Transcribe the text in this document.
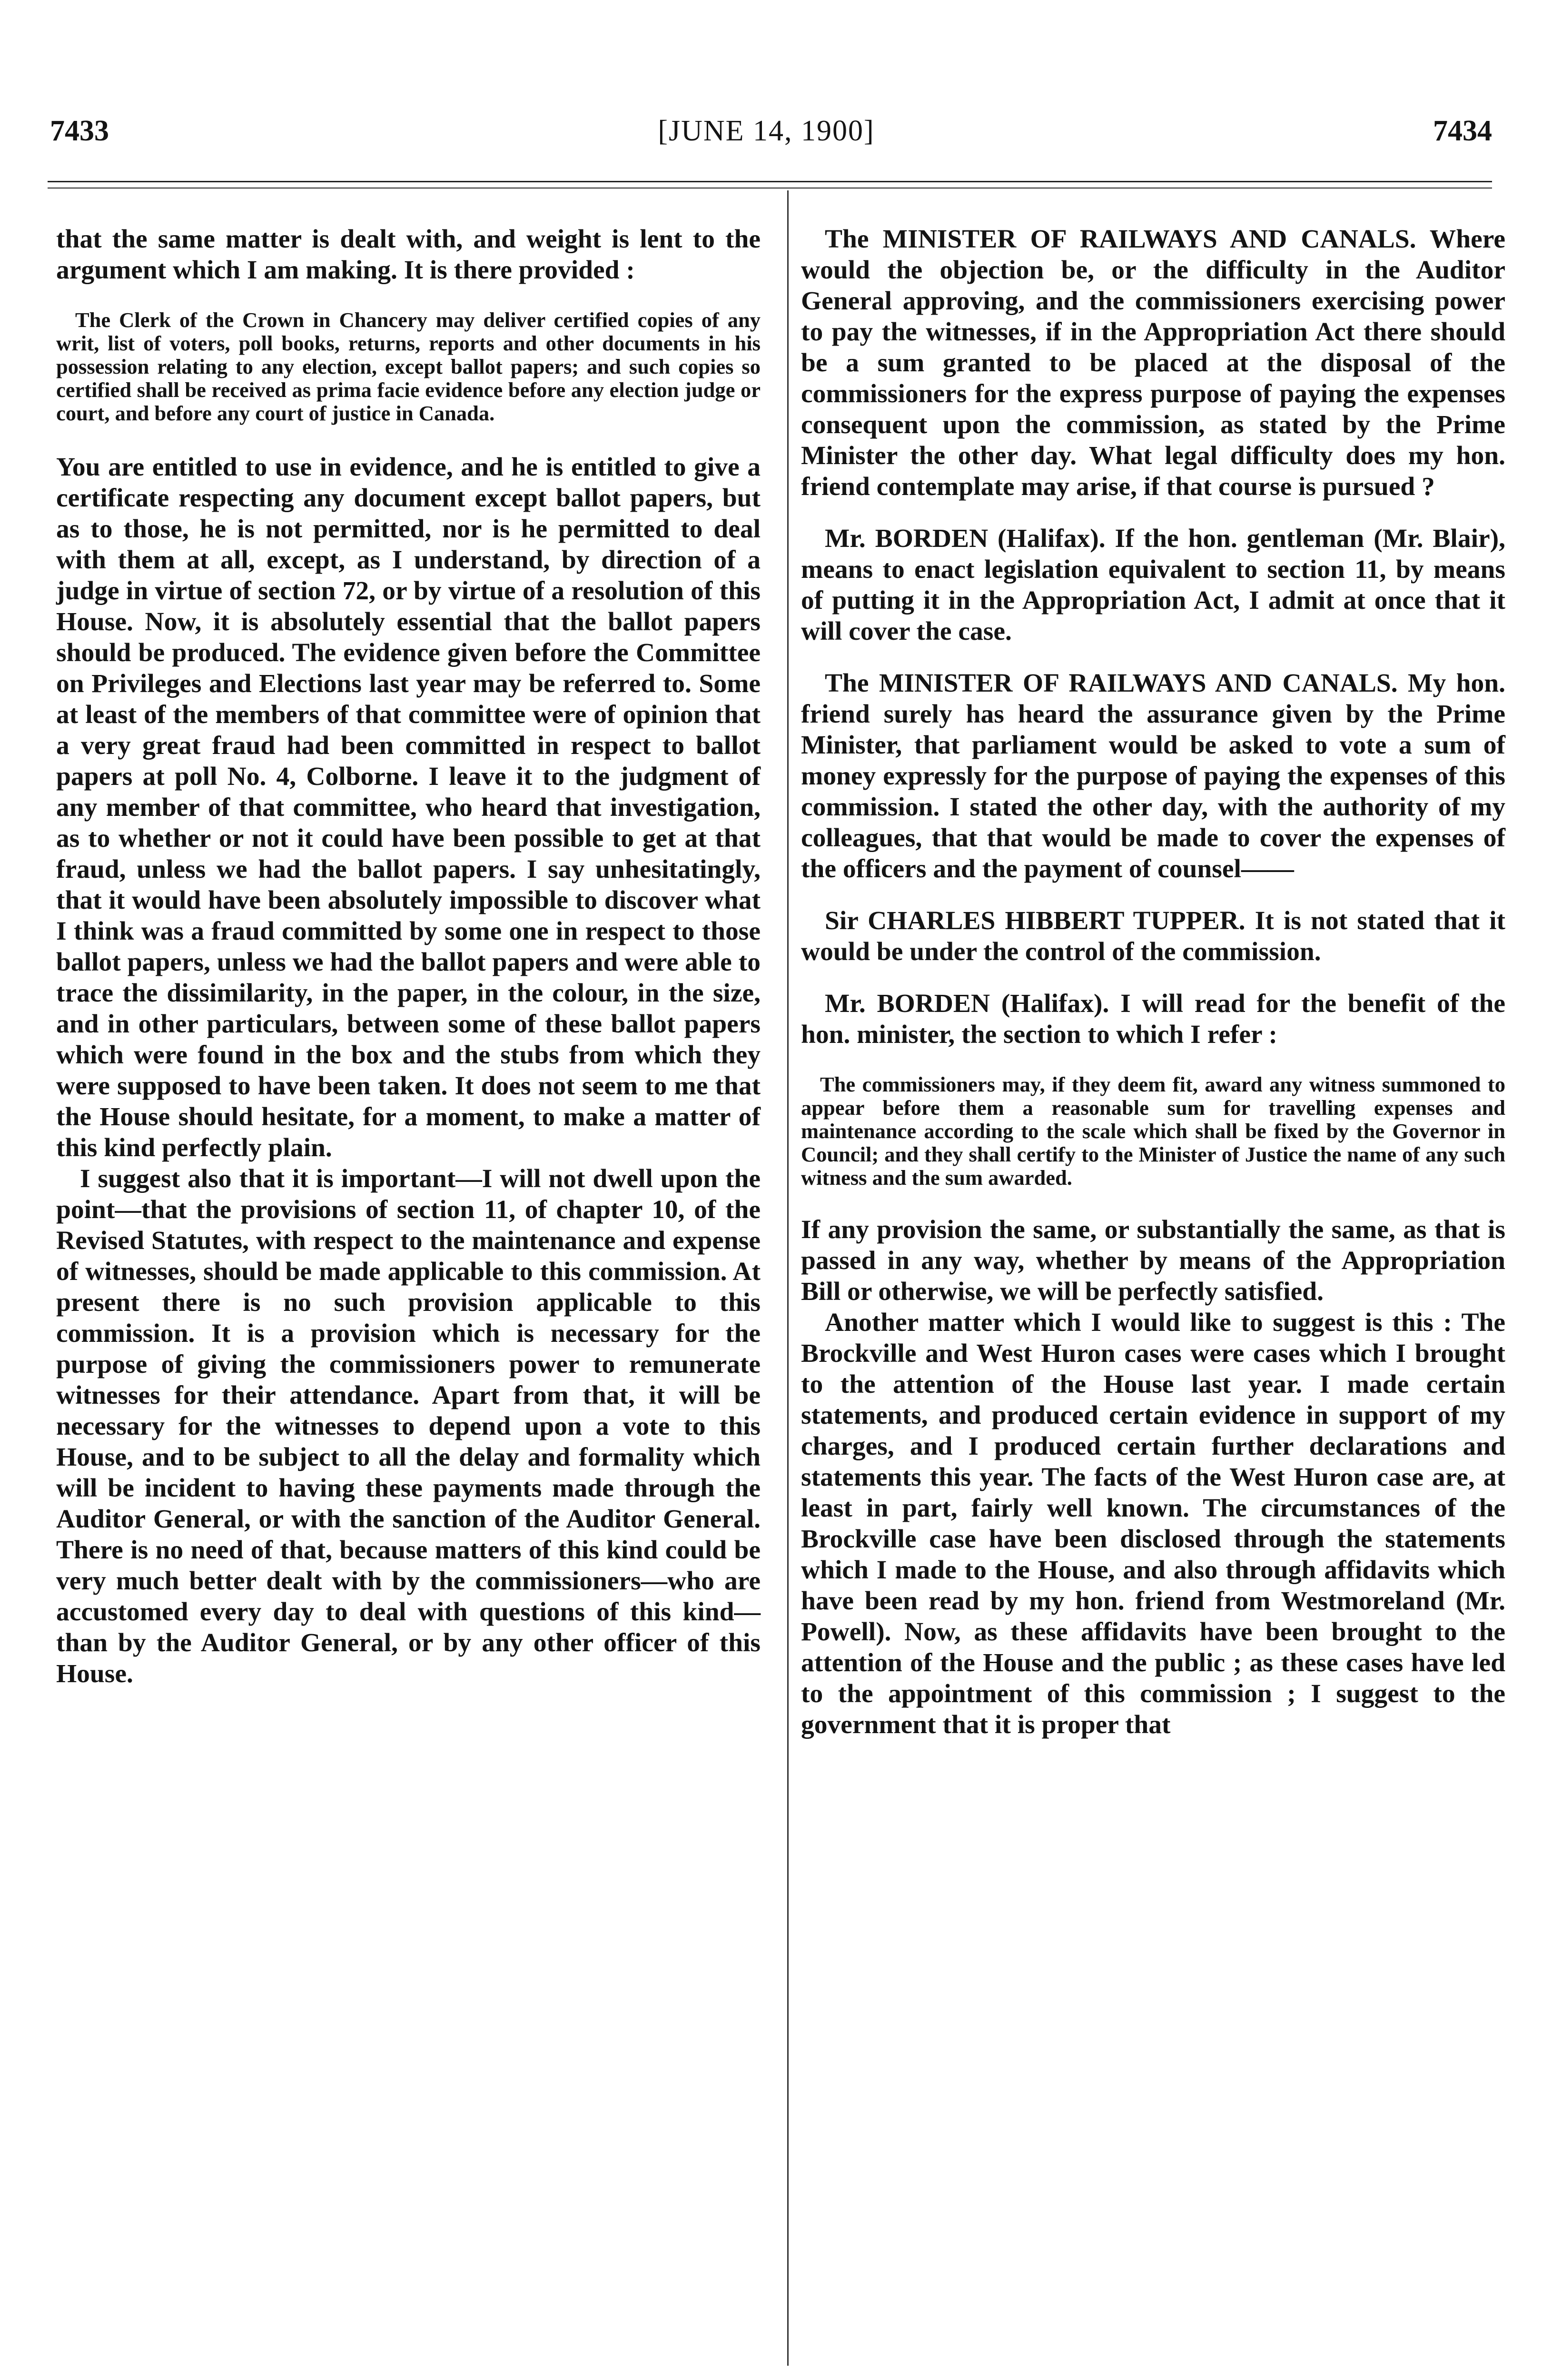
7433	[JUNE 14, 1900]	7434

that the same matter is dealt with, and weight is lent to the argument which I am making. It is there provided :

The Clerk of the Crown in Chancery may deliver certified copies of any writ, list of voters, poll books, returns, reports and other documents in his possession relating to any election, except ballot papers; and such copies so certified shall be received as prima facie evidence before any election judge or court, and before any court of justice in Canada.

You are entitled to use in evidence, and he is entitled to give a certificate respecting any document except ballot papers, but as to those, he is not permitted, nor is he permitted to deal with them at all, except, as I understand, by direction of a judge in virtue of section 72, or by virtue of a resolution of this House. Now, it is absolutely essential that the ballot papers should be produced. The evidence given before the Committee on Privileges and Elections last year may be referred to. Some at least of the members of that committee were of opinion that a very great fraud had been committed in respect to ballot papers at poll No. 4, Colborne. I leave it to the judgment of any member of that committee, who heard that investigation, as to whether or not it could have been possible to get at that fraud, unless we had the ballot papers. I say unhesitatingly, that it would have been absolutely impossible to discover what I think was a fraud committed by some one in respect to those ballot papers, unless we had the ballot papers and were able to trace the dissimilarity, in the paper, in the colour, in the size, and in other particulars, between some of these ballot papers which were found in the box and the stubs from which they were supposed to have been taken. It does not seem to me that the House should hesitate, for a moment, to make a matter of this kind perfectly plain.

I suggest also that it is important—I will not dwell upon the point—that the provisions of section 11, of chapter 10, of the Revised Statutes, with respect to the maintenance and expense of witnesses, should be made applicable to this commission. At present there is no such provision applicable to this commission. It is a provision which is necessary for the purpose of giving the commissioners power to remunerate witnesses for their attendance. Apart from that, it will be necessary for the witnesses to depend upon a vote to this House, and to be subject to all the delay and formality which will be incident to having these payments made through the Auditor General, or with the sanction of the Auditor General. There is no need of that, because matters of this kind could be very much better dealt with by the commissioners—who are accustomed every day to deal with questions of this kind—than by the Auditor General, or by any other officer of this House.

The MINISTER OF RAILWAYS AND CANALS. Where would the objection be, or the difficulty in the Auditor General approving, and the commissioners exercising power to pay the witnesses, if in the Appropriation Act there should be a sum granted to be placed at the disposal of the commissioners for the express purpose of paying the expenses consequent upon the commission, as stated by the Prime Minister the other day. What legal difficulty does my hon. friend contemplate may arise, if that course is pursued ?

Mr. BORDEN (Halifax). If the hon. gentleman (Mr. Blair), means to enact legislation equivalent to section 11, by means of putting it in the Appropriation Act, I admit at once that it will cover the case.

The MINISTER OF RAILWAYS AND CANALS. My hon. friend surely has heard the assurance given by the Prime Minister, that parliament would be asked to vote a sum of money expressly for the purpose of paying the expenses of this commission. I stated the other day, with the authority of my colleagues, that that would be made to cover the expenses of the officers and the payment of counsel——

Sir CHARLES HIBBERT TUPPER. It is not stated that it would be under the control of the commission.

Mr. BORDEN (Halifax). I will read for the benefit of the hon. minister, the section to which I refer :

The commissioners may, if they deem fit, award any witness summoned to appear before them a reasonable sum for travelling expenses and maintenance according to the scale which shall be fixed by the Governor in Council; and they shall certify to the Minister of Justice the name of any such witness and the sum awarded.

If any provision the same, or substantially the same, as that is passed in any way, whether by means of the Appropriation Bill or otherwise, we will be perfectly satisfied.

Another matter which I would like to suggest is this : The Brockville and West Huron cases were cases which I brought to the attention of the House last year. I made certain statements, and produced certain evidence in support of my charges, and I produced certain further declarations and statements this year. The facts of the West Huron case are, at least in part, fairly well known. The circumstances of the Brockville case have been disclosed through the statements which I made to the House, and also through affidavits which have been read by my hon. friend from Westmoreland (Mr. Powell). Now, as these affidavits have been brought to the attention of the House and the public ; as these cases have led to the appointment of this commission ; I suggest to the government that it is proper that
